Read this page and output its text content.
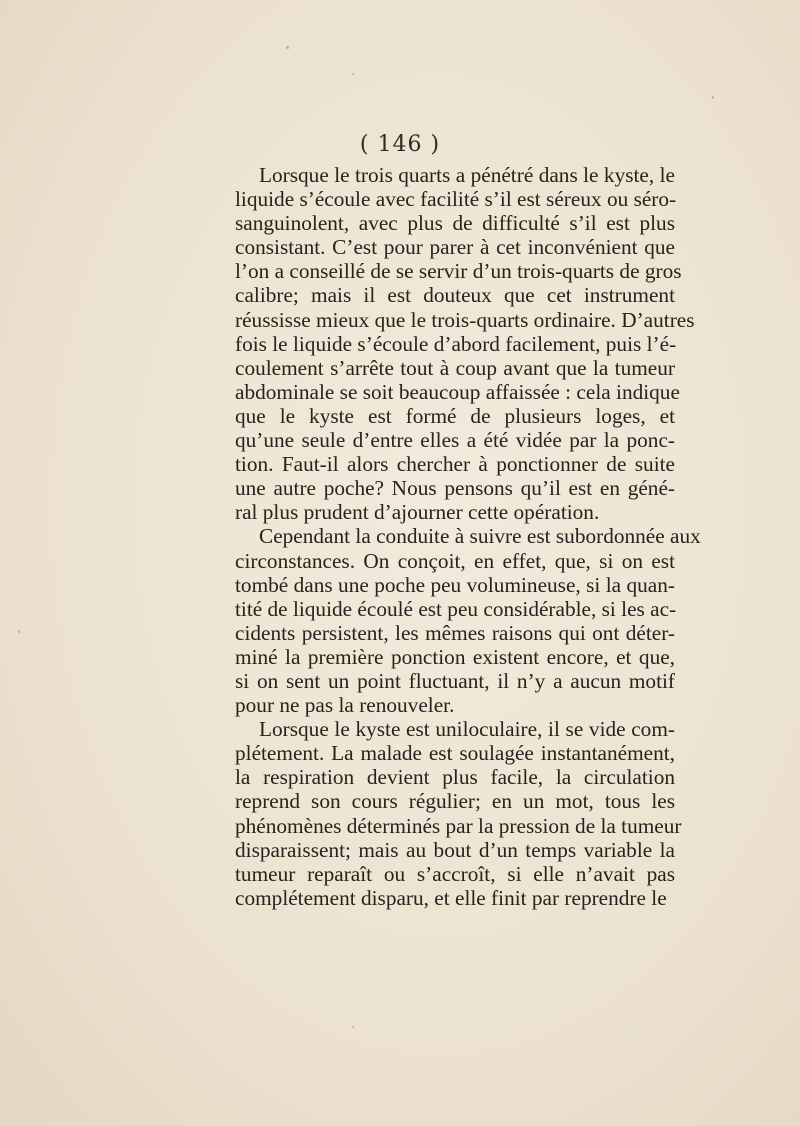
( 146 )
Lorsque le trois quarts a pénétré dans le kyste, le
liquide s’écoule avec facilité s’il est séreux ou séro-
sanguinolent, avec plus de difficulté s’il est plus
consistant. C’est pour parer à cet inconvénient que
l’on a conseillé de se servir d’un trois-quarts de gros
calibre; mais il est douteux que cet instrument
réussisse mieux que le trois-quarts ordinaire. D’autres
fois le liquide s’écoule d’abord facilement, puis l’é-
coulement s’arrête tout à coup avant que la tumeur
abdominale se soit beaucoup affaissée : cela indique
que le kyste est formé de plusieurs loges, et
qu’une seule d’entre elles a été vidée par la ponc-
tion. Faut-il alors chercher à ponctionner de suite
une autre poche? Nous pensons qu’il est en géné-
ral plus prudent d’ajourner cette opération.
Cependant la conduite à suivre est subordonnée aux
circonstances. On conçoit, en effet, que, si on est
tombé dans une poche peu volumineuse, si la quan-
tité de liquide écoulé est peu considérable, si les ac-
cidents persistent, les mêmes raisons qui ont déter-
miné la première ponction existent encore, et que,
si on sent un point fluctuant, il n’y a aucun motif
pour ne pas la renouveler.
Lorsque le kyste est uniloculaire, il se vide com-
plétement. La malade est soulagée instantanément,
la respiration devient plus facile, la circulation
reprend son cours régulier; en un mot, tous les
phénomènes déterminés par la pression de la tumeur
disparaissent; mais au bout d’un temps variable la
tumeur reparaît ou s’accroît, si elle n’avait pas
complétement disparu, et elle finit par reprendre le
